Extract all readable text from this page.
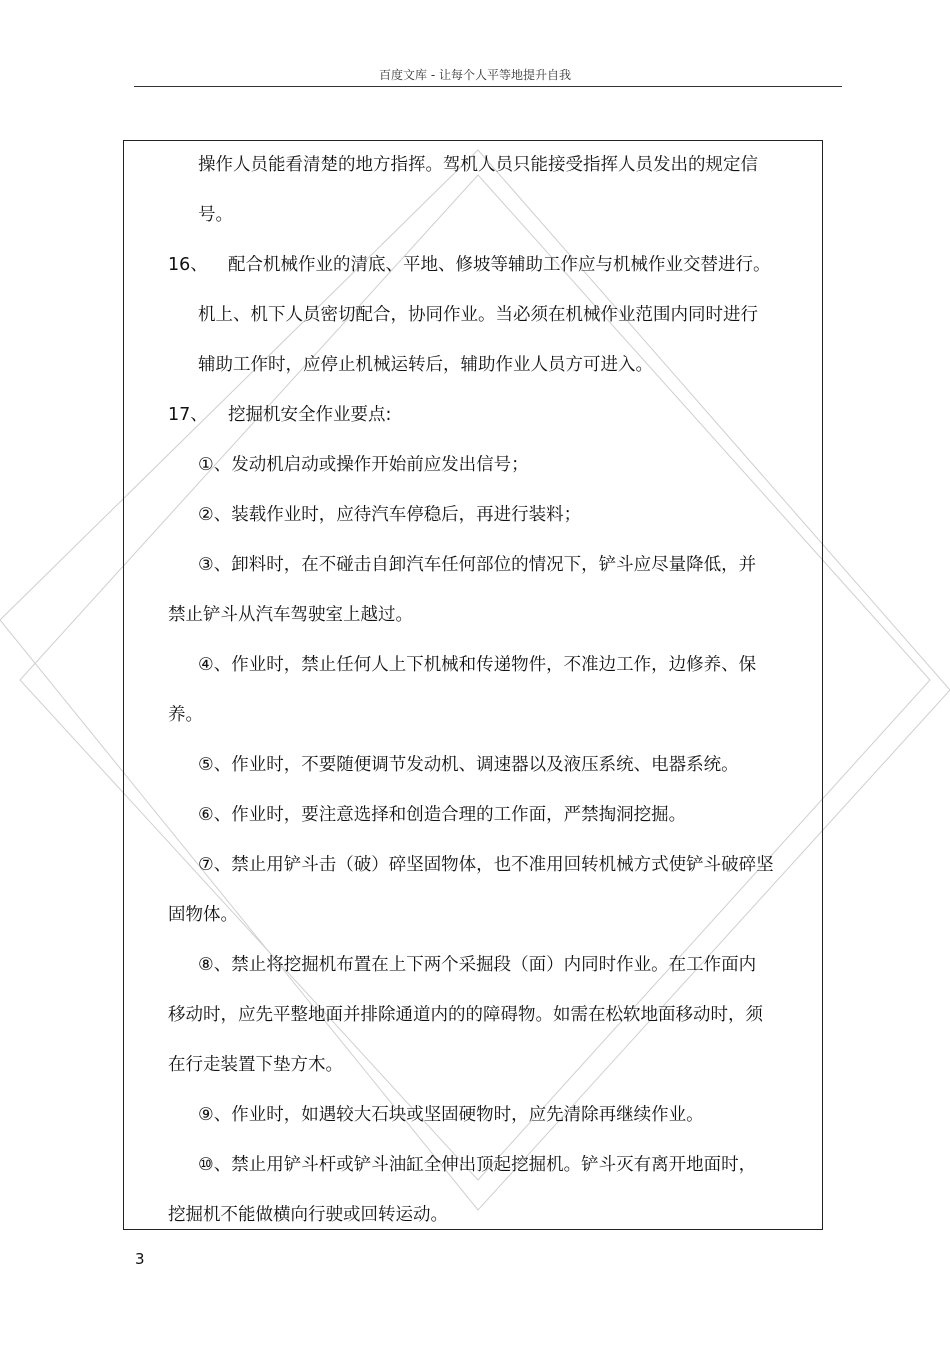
百度文库 - 让每个人平等地提升自我
操作人员能看清楚的地方指挥。驾机人员只能接受指挥人员发出的规定信
号。
16、 配合机械作业的清底、平地、修坡等辅助工作应与机械作业交替进行。
机上、机下人员密切配合，协同作业。当必须在机械作业范围内同时进行
辅助工作时，应停止机械运转后，辅助作业人员方可进入。
17、 挖掘机安全作业要点:
①、发动机启动或操作开始前应发出信号；
②、装载作业时，应待汽车停稳后，再进行装料；
③、卸料时，在不碰击自卸汽车任何部位的情况下，铲斗应尽量降低，并
禁止铲斗从汽车驾驶室上越过。
④、作业时，禁止任何人上下机械和传递物件，不准边工作，边修养、保
养。
⑤、作业时，不要随便调节发动机、调速器以及液压系统、电器系统。
⑥、作业时，要注意选择和创造合理的工作面，严禁掏洞挖掘。
⑦、禁止用铲斗击（破）碎坚固物体，也不准用回转机械方式使铲斗破碎坚
固物体。
⑧、禁止将挖掘机布置在上下两个采掘段（面）内同时作业。在工作面内
移动时，应先平整地面并排除通道内的的障碍物。如需在松软地面移动时，须
在行走装置下垫方木。
⑨、作业时，如遇较大石块或坚固硬物时，应先清除再继续作业。
⑩、禁止用铲斗杆或铲斗油缸全伸出顶起挖掘机。铲斗灭有离开地面时，
挖掘机不能做横向行驶或回转运动。
3
